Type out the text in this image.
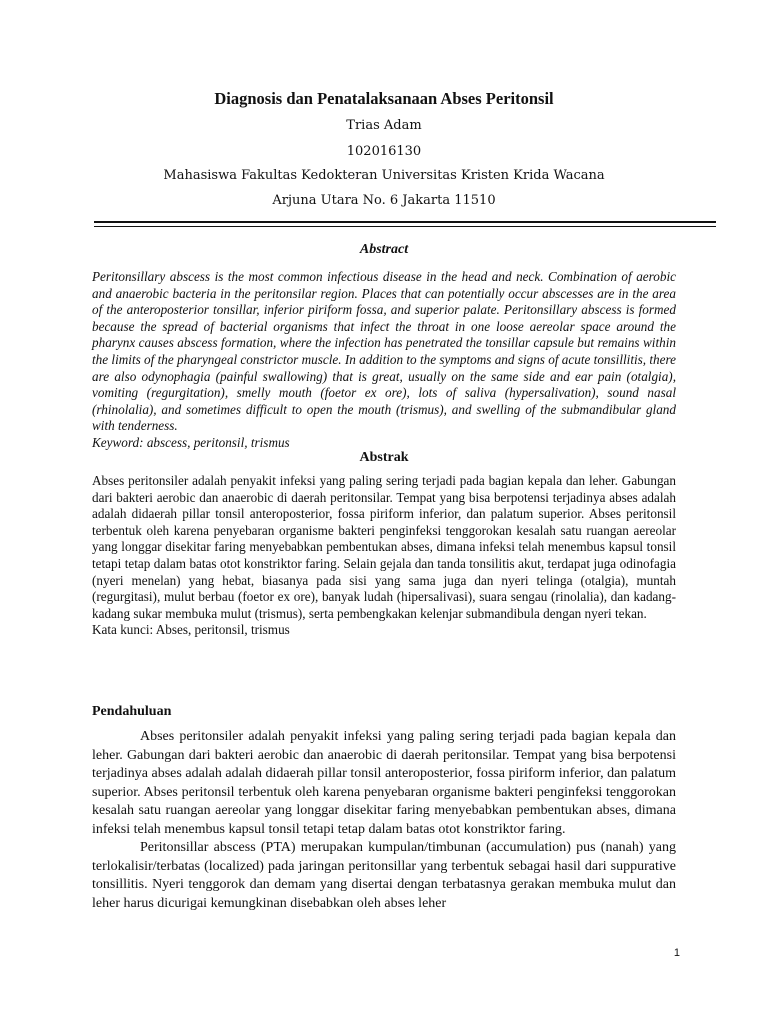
Diagnosis dan Penatalaksanaan Abses Peritonsil
Trias Adam
102016130
Mahasiswa Fakultas Kedokteran Universitas Kristen Krida Wacana
Arjuna Utara No. 6 Jakarta 11510
Abstract

Peritonsillary abscess is the most common infectious disease in the head and neck. Combination of aerobic and anaerobic bacteria in the peritonsilar region. Places that can potentially occur abscesses are in the area of the anteroposterior tonsillar, inferior piriform fossa, and superior palate. Peritonsillary abscess is formed because the spread of bacterial organisms that infect the throat in one loose aereolar space around the pharynx causes abscess formation, where the infection has penetrated the tonsillar capsule but remains within the limits of the pharyngeal constrictor muscle. In addition to the symptoms and signs of acute tonsillitis, there are also odynophagia (painful swallowing) that is great, usually on the same side and ear pain (otalgia), vomiting (regurgitation), smelly mouth (foetor ex ore), lots of saliva (hypersalivation), sound nasal (rhinolalia), and sometimes difficult to open the mouth (trismus), and swelling of the submandibular gland with tenderness.
Keyword: abscess, peritonsil, trismus

Abstrak

Abses peritonsiler adalah penyakit infeksi yang paling sering terjadi pada bagian kepala dan leher. Gabungan dari bakteri aerobic dan anaerobic di daerah peritonsilar. Tempat yang bisa berpotensi terjadinya abses adalah adalah didaerah pillar tonsil anteroposterior, fossa piriform inferior, dan palatum superior. Abses peritonsil terbentuk oleh karena penyebaran organisme bakteri penginfeksi tenggorokan kesalah satu ruangan aereolar yang longgar disekitar faring menyebabkan pembentukan abses, dimana infeksi telah menembus kapsul tonsil tetapi tetap dalam batas otot konstriktor faring. Selain gejala dan tanda tonsilitis akut, terdapat juga odinofagia (nyeri menelan) yang hebat, biasanya pada sisi yang sama juga dan nyeri telinga (otalgia), muntah (regurgitasi), mulut berbau (foetor ex ore), banyak ludah (hipersalivasi), suara sengau (rinolalia), dan kadang-kadang sukar membuka mulut (trismus), serta pembengkakan kelenjar submandibula dengan nyeri tekan.
Kata kunci: Abses, peritonsil, trismus

Pendahuluan

Abses peritonsiler adalah penyakit infeksi yang paling sering terjadi pada bagian kepala dan leher. Gabungan dari bakteri aerobic dan anaerobic di daerah peritonsilar. Tempat yang bisa berpotensi terjadinya abses adalah adalah didaerah pillar tonsil anteroposterior, fossa piriform inferior, dan palatum superior. Abses peritonsil terbentuk oleh karena penyebaran organisme bakteri penginfeksi tenggorokan kesalah satu ruangan aereolar yang longgar disekitar faring menyebabkan pembentukan abses, dimana infeksi telah menembus kapsul tonsil tetapi tetap dalam batas otot konstriktor faring.

Peritonsillar abscess (PTA) merupakan kumpulan/timbunan (accumulation) pus (nanah) yang terlokalisir/terbatas (localized) pada jaringan peritonsillar yang terbentuk sebagai hasil dari suppurative tonsillitis. Nyeri tenggorok dan demam yang disertai dengan terbatasnya gerakan membuka mulut dan leher harus dicurigai kemungkinan disebabkan oleh abses leher

1
